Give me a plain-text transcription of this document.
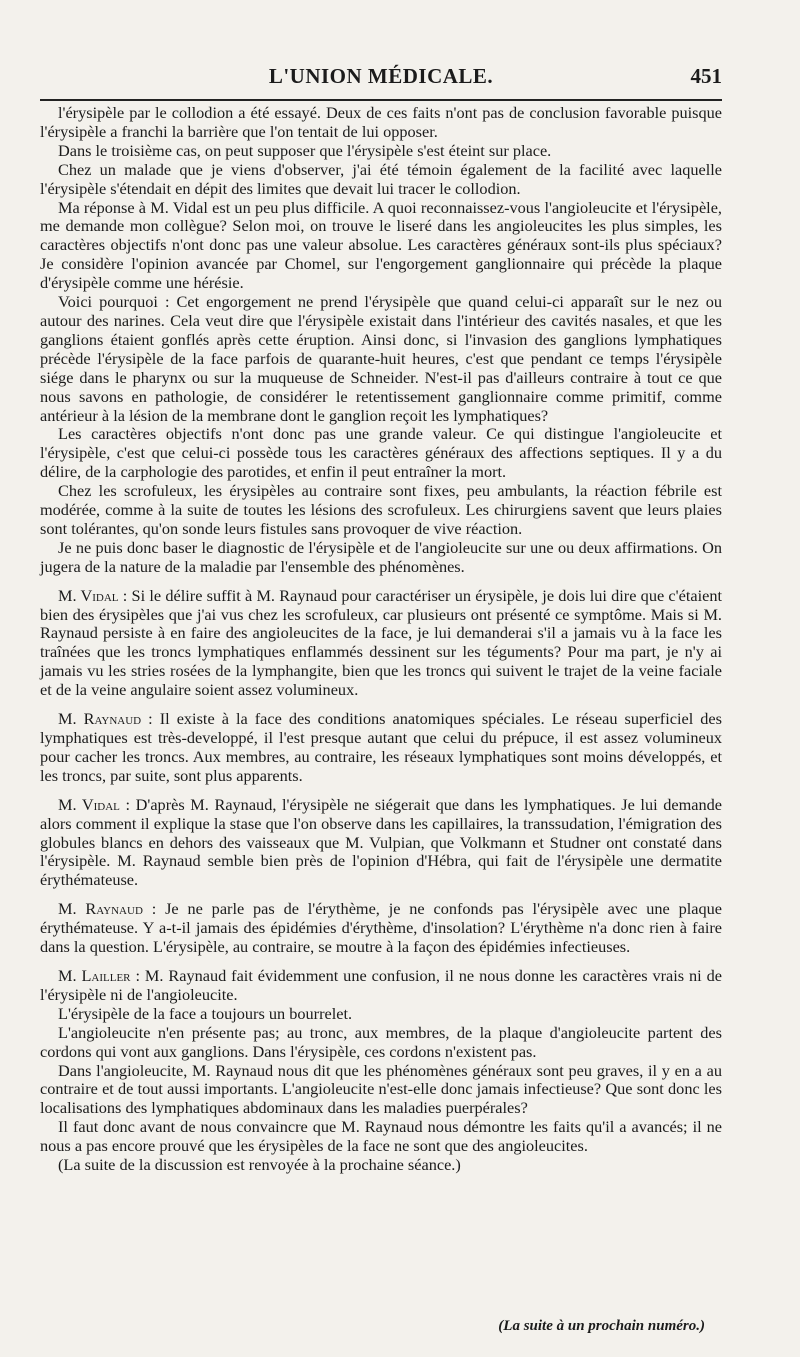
L'UNION MÉDICALE.	451

l'érysipèle par le collodion a été essayé. Deux de ces faits n'ont pas de conclusion favorable puisque l'érysipèle a franchi la barrière que l'on tentait de lui opposer.

Dans le troisième cas, on peut supposer que l'érysipèle s'est éteint sur place.

Chez un malade que je viens d'observer, j'ai été témoin également de la facilité avec laquelle l'érysipèle s'étendait en dépit des limites que devait lui tracer le collodion.

Ma réponse à M. Vidal est un peu plus difficile. A quoi reconnaissez-vous l'angioleucite et l'érysipèle, me demande mon collègue? Selon moi, on trouve le liseré dans les angioleucites les plus simples, les caractères objectifs n'ont donc pas une valeur absolue. Les caractères généraux sont-ils plus spéciaux? Je considère l'opinion avancée par Chomel, sur l'engorgement ganglionnaire qui précède la plaque d'érysipèle comme une hérésie.

Voici pourquoi : Cet engorgement ne prend l'érysipèle que quand celui-ci apparaît sur le nez ou autour des narines. Cela veut dire que l'érysipèle existait dans l'intérieur des cavités nasales, et que les ganglions étaient gonflés après cette éruption. Ainsi donc, si l'invasion des ganglions lymphatiques précède l'érysipèle de la face parfois de quarante-huit heures, c'est que pendant ce temps l'érysipèle siége dans le pharynx ou sur la muqueuse de Schneider. N'est-il pas d'ailleurs contraire à tout ce que nous savons en pathologie, de considérer le retentissement ganglionnaire comme primitif, comme antérieur à la lésion de la membrane dont le ganglion reçoit les lymphatiques?

Les caractères objectifs n'ont donc pas une grande valeur. Ce qui distingue l'angioleucite et l'érysipèle, c'est que celui-ci possède tous les caractères généraux des affections septiques. Il y a du délire, de la carphologie des parotides, et enfin il peut entraîner la mort.

Chez les scrofuleux, les érysipèles au contraire sont fixes, peu ambulants, la réaction fébrile est modérée, comme à la suite de toutes les lésions des scrofuleux. Les chirurgiens savent que leurs plaies sont tolérantes, qu'on sonde leurs fistules sans provoquer de vive réaction.

Je ne puis donc baser le diagnostic de l'érysipèle et de l'angioleucite sur une ou deux affirmations. On jugera de la nature de la maladie par l'ensemble des phénomènes.

M. Vidal : Si le délire suffit à M. Raynaud pour caractériser un érysipèle, je dois lui dire que c'étaient bien des érysipèles que j'ai vus chez les scrofuleux, car plusieurs ont présenté ce symptôme. Mais si M. Raynaud persiste à en faire des angioleucites de la face, je lui demanderai s'il a jamais vu à la face les traînées que les troncs lymphatiques enflammés dessinent sur les téguments? Pour ma part, je n'y ai jamais vu les stries rosées de la lymphangite, bien que les troncs qui suivent le trajet de la veine faciale et de la veine angulaire soient assez volumineux.

M. Raynaud : Il existe à la face des conditions anatomiques spéciales. Le réseau superficiel des lymphatiques est très-developpé, il l'est presque autant que celui du prépuce, il est assez volumineux pour cacher les troncs. Aux membres, au contraire, les réseaux lymphatiques sont moins développés, et les troncs, par suite, sont plus apparents.

M. Vidal : D'après M. Raynaud, l'érysipèle ne siégerait que dans les lymphatiques. Je lui demande alors comment il explique la stase que l'on observe dans les capillaires, la transsudation, l'émigration des globules blancs en dehors des vaisseaux que M. Vulpian, que Volkmann et Studner ont constaté dans l'érysipèle. M. Raynaud semble bien près de l'opinion d'Hébra, qui fait de l'érysipèle une dermatite érythémateuse.

M. Raynaud : Je ne parle pas de l'érythème, je ne confonds pas l'érysipèle avec une plaque érythémateuse. Y a-t-il jamais des épidémies d'érythème, d'insolation? L'érythème n'a donc rien à faire dans la question. L'érysipèle, au contraire, se moutre à la façon des épidémies infectieuses.

M. Lailler : M. Raynaud fait évidemment une confusion, il ne nous donne les caractères vrais ni de l'érysipèle ni de l'angioleucite.

L'érysipèle de la face a toujours un bourrelet.

L'angioleucite n'en présente pas; au tronc, aux membres, de la plaque d'angioleucite partent des cordons qui vont aux ganglions. Dans l'érysipèle, ces cordons n'existent pas.

Dans l'angioleucite, M. Raynaud nous dit que les phénomènes généraux sont peu graves, il y en a au contraire et de tout aussi importants. L'angioleucite n'est-elle donc jamais infectieuse? Que sont donc les localisations des lymphatiques abdominaux dans les maladies puerpérales?

Il faut donc avant de nous convaincre que M. Raynaud nous démontre les faits qu'il a avancés; il ne nous a pas encore prouvé que les érysipèles de la face ne sont que des angioleucites.

(La suite de la discussion est renvoyée à la prochaine séance.)

(La suite à un prochain numéro.)
